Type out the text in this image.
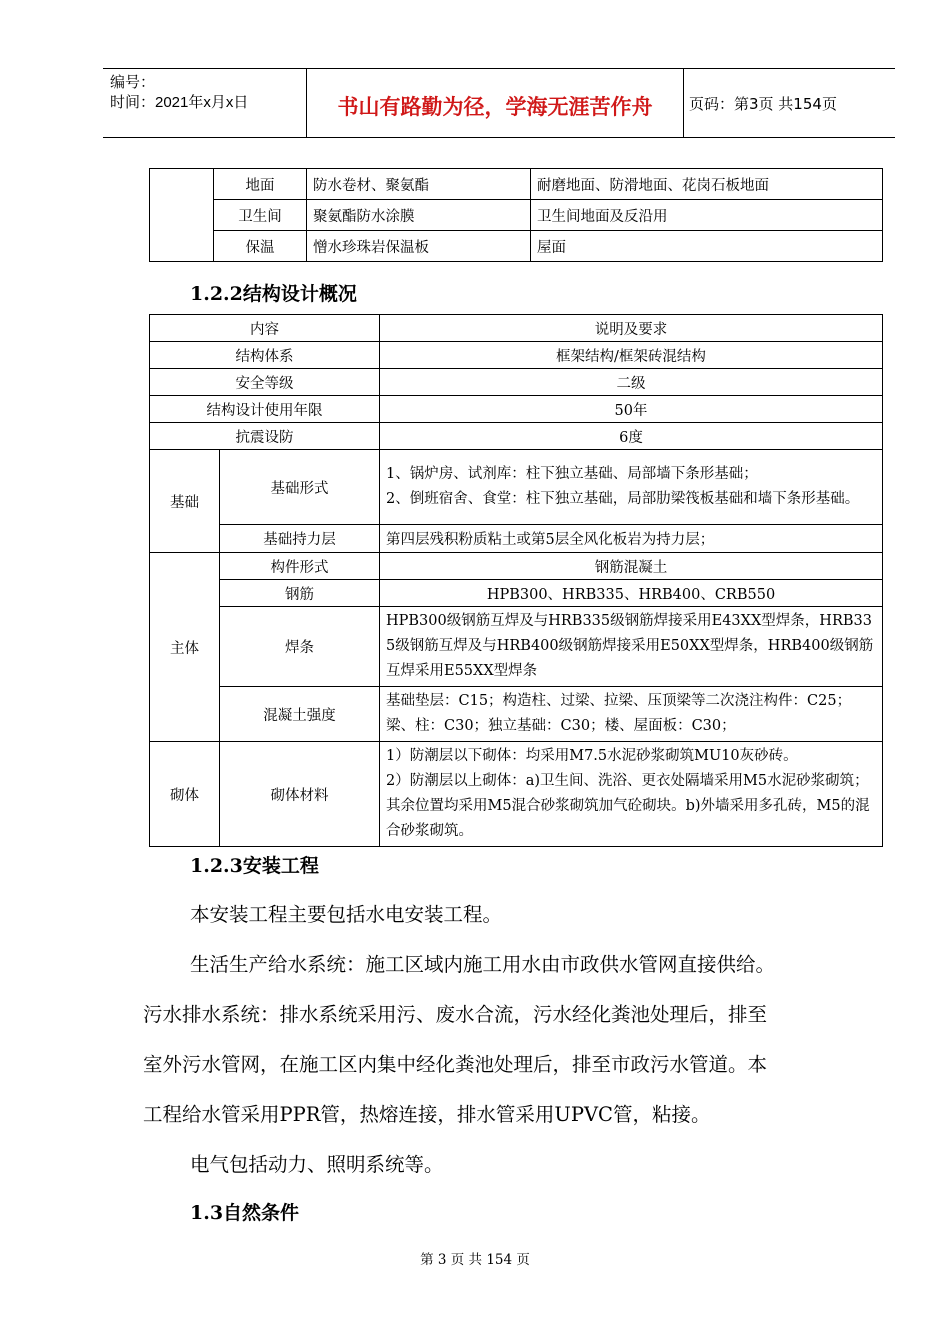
编号：
时间：2021年x月x日	书山有路勤为径，学海无涯苦作舟	页码：第3页 共154页
	地面	防水卷材、聚氨酯	耐磨地面、防滑地面、花岗石板地面
	卫生间	聚氨酯防水涂膜	卫生间地面及反沿用
	保温	憎水珍珠岩保温板	屋面
1.2.2结构设计概况
内容		说明及要求
结构体系		框架结构/框架砖混结构
安全等级		二级
结构设计使用年限		50年
抗震设防		6度
基础	基础形式	1、锅炉房、试剂库：柱下独立基础、局部墙下条形基础；
2、倒班宿舍、食堂：柱下独立基础，局部肋梁筏板基础和墙下条形基础。

	基础持力层	第四层残积粉质粘土或第5层全风化板岩为持力层；
主体	构件形式	钢筋混凝土
	钢筋	HPB300、HRB335、HRB400、CRB550
	焊条	HPB300级钢筋互焊及与HRB335级钢筋焊接采用E43XX型焊条，HRB335级钢筋互焊及与HRB400级钢筋焊接采用E50XX型焊条，HRB400级钢筋互焊采用E55XX型焊条
	混凝土强度	基础垫层：C15；构造柱、过梁、拉梁、压顶梁等二次浇注构件：C25；梁、柱：C30；独立基础：C30；楼、屋面板：C30；
砌体	砌体材料	1）防潮层以下砌体：均采用M7.5水泥砂浆砌筑MU10灰砂砖。
2）防潮层以上砌体：a)卫生间、洗浴、更衣处隔墙采用M5水泥砂浆砌筑；其余位置均采用M5混合砂浆砌筑加气砼砌块。b)外墙采用多孔砖，M5的混合砂浆砌筑。
1.2.3安装工程
本安装工程主要包括水电安装工程。
生活生产给水系统：施工区域内施工用水由市政供水管网直接供给。
污水排水系统：排水系统采用污、废水合流，污水经化粪池处理后，排至
室外污水管网，在施工区内集中经化粪池处理后，排至市政污水管道。本
工程给水管采用PPR管，热熔连接，排水管采用UPVC管，粘接。
电气包括动力、照明系统等。
1.3自然条件
第 3 页 共 154 页
